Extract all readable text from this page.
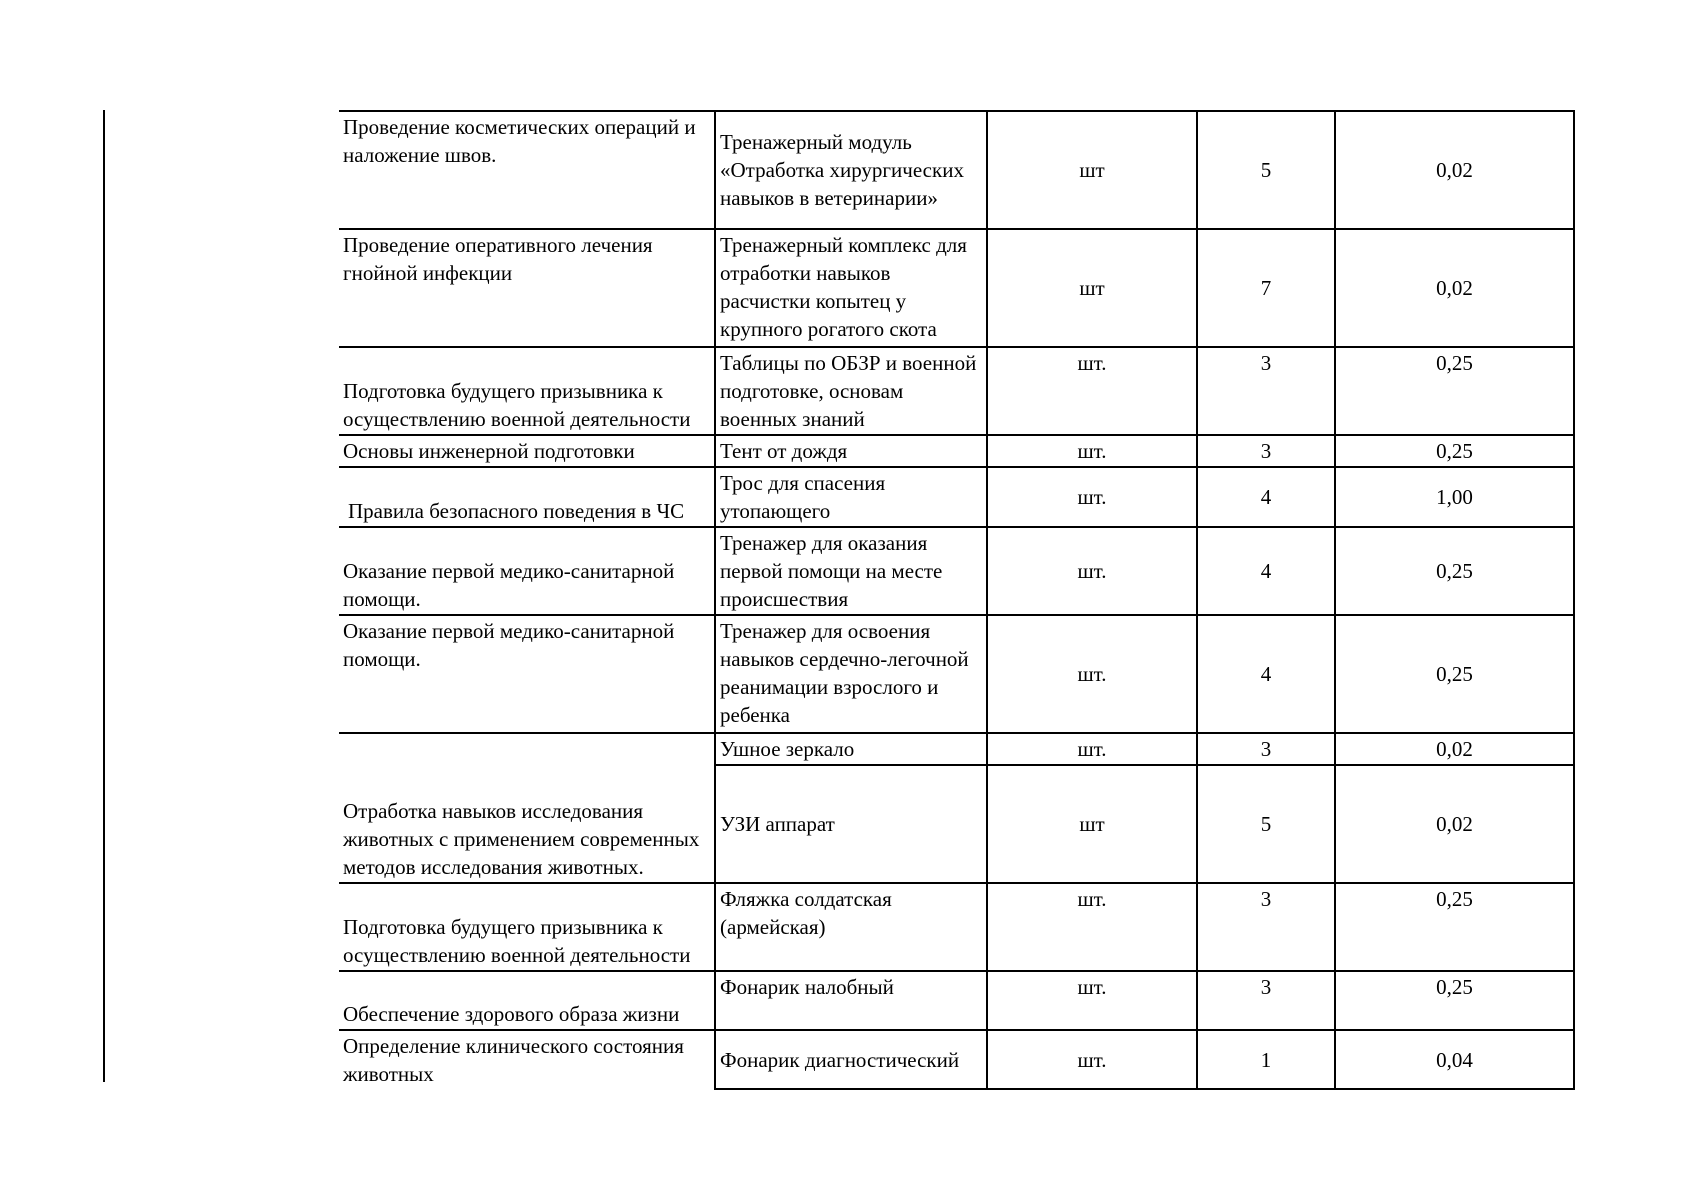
Проведение косметических операций и наложение швов.	Тренажерный модуль «Отработка хирургических навыков в ветеринарии»	шт	5	0,02
Проведение оперативного лечения гнойной инфекции	Тренажерный комплекс для отработки навыков расчистки копытец у крупного рогатого скота	шт	7	0,02
Подготовка будущего призывника к осуществлению военной деятельности	Таблицы по ОБЗР и военной подготовке, основам военных знаний	шт.	3	0,25
Основы инженерной подготовки	Тент от дождя	шт.	3	0,25
Правила безопасного поведения в ЧС	Трос для спасения утопающего	шт.	4	1,00
Оказание первой медико-санитарной помощи.	Тренажер для оказания первой помощи на месте происшествия	шт.	4	0,25
Оказание первой медико-санитарной помощи.	Тренажер для освоения навыков сердечно-легочной реанимации взрослого и ребенка	шт.	4	0,25
Отработка навыков исследования животных с применением современных методов исследования животных.	Ушное зеркало	шт.	3	0,02
	УЗИ аппарат	шт	5	0,02
Подготовка будущего призывника к осуществлению военной деятельности	Фляжка солдатская (армейская)	шт.	3	0,25
Обеспечение здорового образа жизни	Фонарик налобный	шт.	3	0,25
Определение клинического состояния животных	Фонарик диагностический	шт.	1	0,04
